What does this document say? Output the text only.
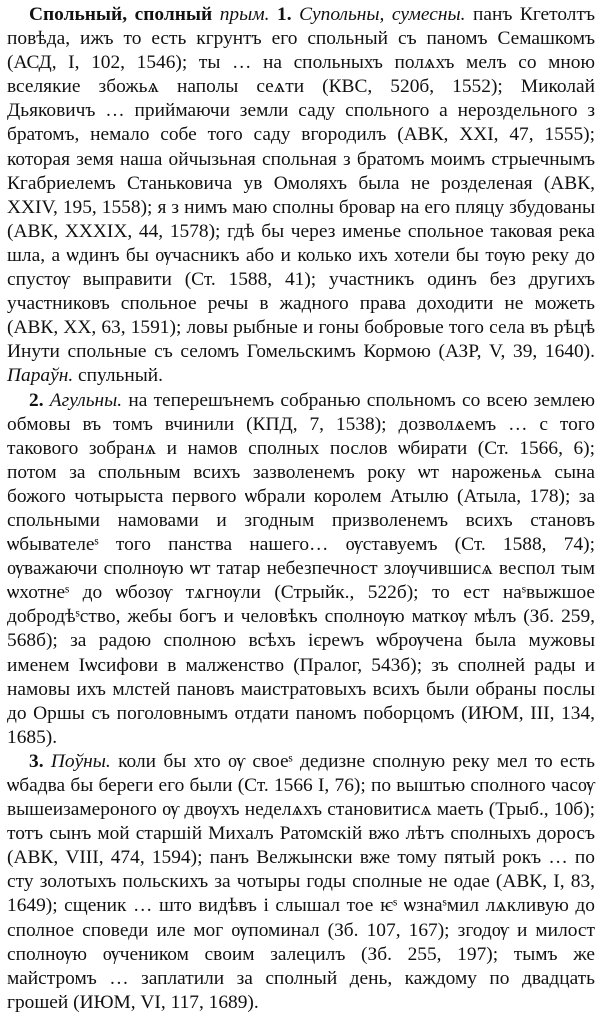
Спольный, сполный прым. 1. Супольны, сумесны. панъ Кгетолтъ повѣда, ижъ то есть кгрунтъ его спольный съ паномъ Семашкомъ (АСД, I, 102, 1546); ты … на спольныхъ полѧхъ мелъ со мною вселякие збожьѧ наполы сеѧти (КВС, 520б, 1552); Миколай Дьяковичъ … приймаючи земли саду спольного а нероздельного з братомъ, немало собе того саду вгородилъ (АВК, XXI, 47, 1555); которая земя наша ойчызьная спольная з братомъ моимъ стрыечнымъ Кгабриелемъ Станьковича ув Омоляхъ была не розделеная (АВК, XXIV, 195, 1558); я з нимъ маю сполны бровар на его пляцу збудованы (АВК, XXXIX, 44, 1578); гдѣ бы через именье спольное таковая река шла, а ѡдинъ бы ѹчасникъ або и колько ихъ хотели бы тѹю реку до спустѹ выправити (Ст. 1588, 41); участникъ одинъ без другихъ участниковъ спольное речы в жадного права доходити не можеть (АВК, XX, 63, 1591); ловы рыбные и гоны бобровые того села въ рѣцѣ Инути спольные съ селомъ Гомельскимъ Кормою (АЗР, V, 39, 1640). Параўн. спульный.

2. Агульны. на теперешънемъ собранью спольномъ со всею землею обмовы въ томъ вчинили (КПД, 7, 1538); дозволѧемъ … с того такового зобранѧ и намов сполных послов ѡбирати (Ст. 1566, 6); потом за спольным всихъ зазволенемъ року ѡт нароженьѧ сына божого чотырыста первого ѡбрали королем Атылю (Атыла, 178); за спольными намовами и згодным призволенемъ всихъ становъ ѡбывателеˢ того панства нашего… ѹставуемъ (Ст. 1588, 74); ѹважаючи сполнѹю ѡт татар небезпечност злѹчившисѧ веспол тым ѡхотнеˢ до ѡбозѹ тѧгнѹли (Стрыйк., 522б); то ест наˢвыжшое добродѣˢство, жебы богъ и человѣкъ сполнѹю маткѹ мѣлъ (Зб. 259, 568б); за радою сполною всѣхъ ієреwъ ѡбрѹчена была мужовы именем Іѡсифови в малженство (Пралог, 543б); зъ сполней рады и намовы ихъ млстей пановъ маистратовыхъ всихъ были обраны послы до Оршы съ поголовнымъ отдати паномъ поборцомъ (ИЮМ, III, 134, 1685).

3. Поўны. коли бы хто ѹ своеˢ дедизне сполную реку мел то есть ѡбадва бы береги его были (Ст. 1566 I, 76); по выштью сполного часѹ вышеизамероного ѹ двѹхъ неделѧхъ становитисѧ маеть (Трыб., 10б); тотъ сынъ мой старшій Михалъ Ратомскій вжо лѣтъ сполныхъ доросъ (АВК, VIII, 474, 1594); панъ Велжынски вже тому пятый рокъ … по сту золотыхъ польскихъ за чотыры годы сполные не одае (АВК, I, 83, 1649); сщеник … што видѣвъ і слышал тое ѥˢ ѡзнаˢмил лѧкливую до сполное споведи иле мог ѹпоминал (Зб. 107, 167); згодѹ и милост сполнѹю ѹчеником своим залецилъ (Зб. 255, 197); тымъ же майстромъ … заплатили за сполный день, каждому по двадцать грошей (ИЮМ, VI, 117, 1689).
